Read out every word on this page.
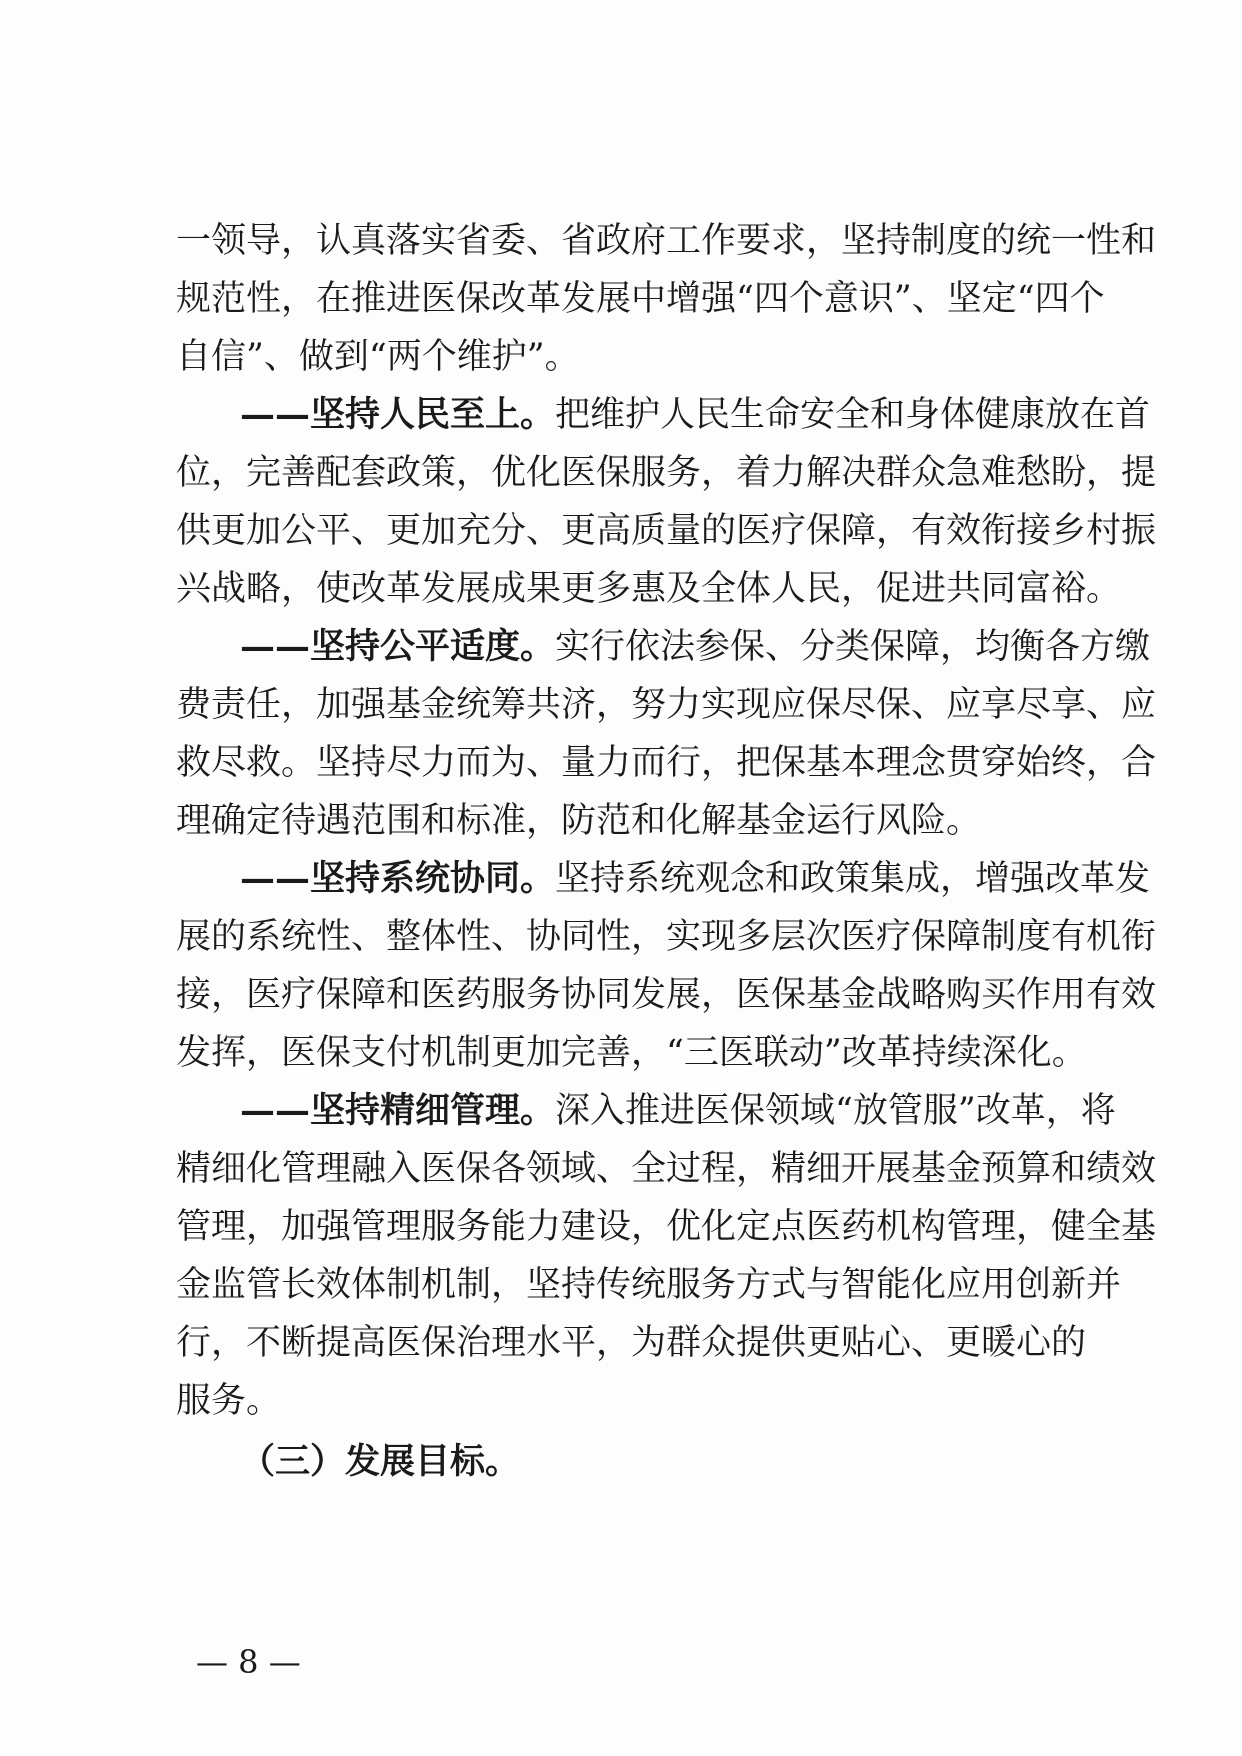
一领导，认真落实省委、省政府工作要求，坚持制度的统一性和
规范性，在推进医保改革发展中增强“四个意识”、坚定“四个
自信”、做到“两个维护”。
——坚持人民至上。把维护人民生命安全和身体健康放在首
位，完善配套政策，优化医保服务，着力解决群众急难愁盼，提
供更加公平、更加充分、更高质量的医疗保障，有效衔接乡村振
兴战略，使改革发展成果更多惠及全体人民，促进共同富裕。
——坚持公平适度。实行依法参保、分类保障，均衡各方缴
费责任，加强基金统筹共济，努力实现应保尽保、应享尽享、应
救尽救。坚持尽力而为、量力而行，把保基本理念贯穿始终，合
理确定待遇范围和标准，防范和化解基金运行风险。
——坚持系统协同。坚持系统观念和政策集成，增强改革发
展的系统性、整体性、协同性，实现多层次医疗保障制度有机衔
接，医疗保障和医药服务协同发展，医保基金战略购买作用有效
发挥，医保支付机制更加完善，“三医联动”改革持续深化。
——坚持精细管理。深入推进医保领域“放管服”改革，将
精细化管理融入医保各领域、全过程，精细开展基金预算和绩效
管理，加强管理服务能力建设，优化定点医药机构管理，健全基
金监管长效体制机制，坚持传统服务方式与智能化应用创新并
行，不断提高医保治理水平，为群众提供更贴心、更暖心的
服务。
（三）发展目标。
— 8 —
